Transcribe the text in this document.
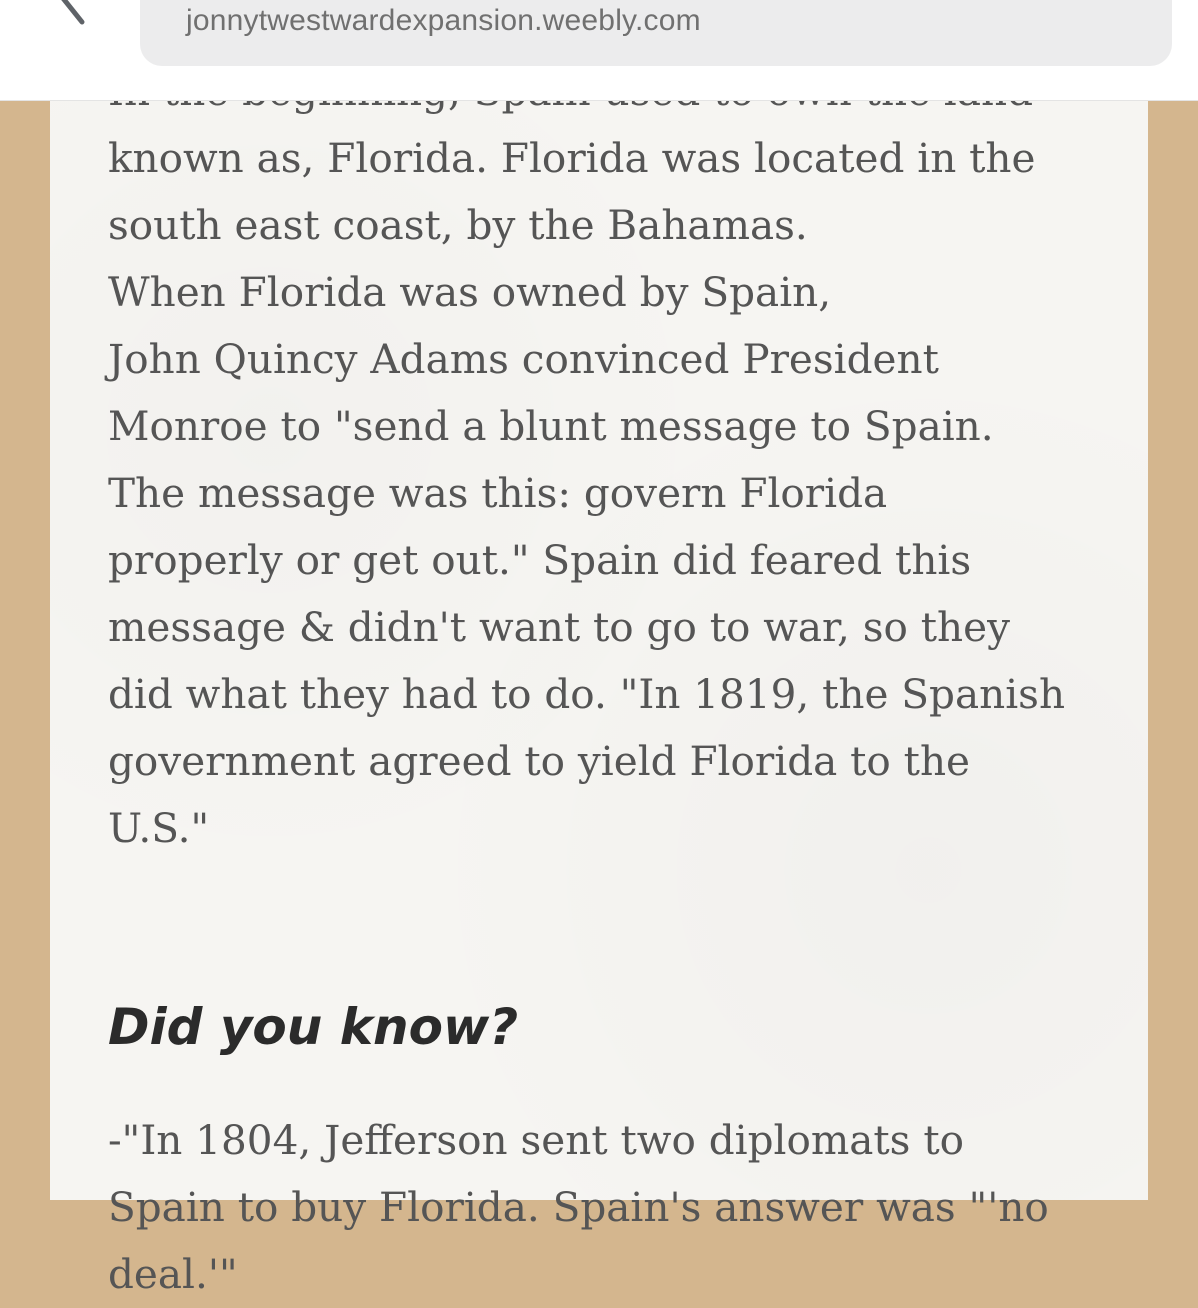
jonnytwestwardexpansion.weebly.com

known as, Florida. Florida was located in the
south east coast, by the Bahamas.
When Florida was owned by Spain,
John Quincy Adams convinced President
Monroe to "send a blunt message to Spain.
The message was this: govern Florida
properly or get out." Spain did feared this
message & didn't want to go to war, so they
did what they had to do. "In 1819, the Spanish
government agreed to yield Florida to the
U.S."

Did you know?

-"In 1804, Jefferson sent two diplomats to
Spain to buy Florida. Spain's answer was "'no
deal.'"
